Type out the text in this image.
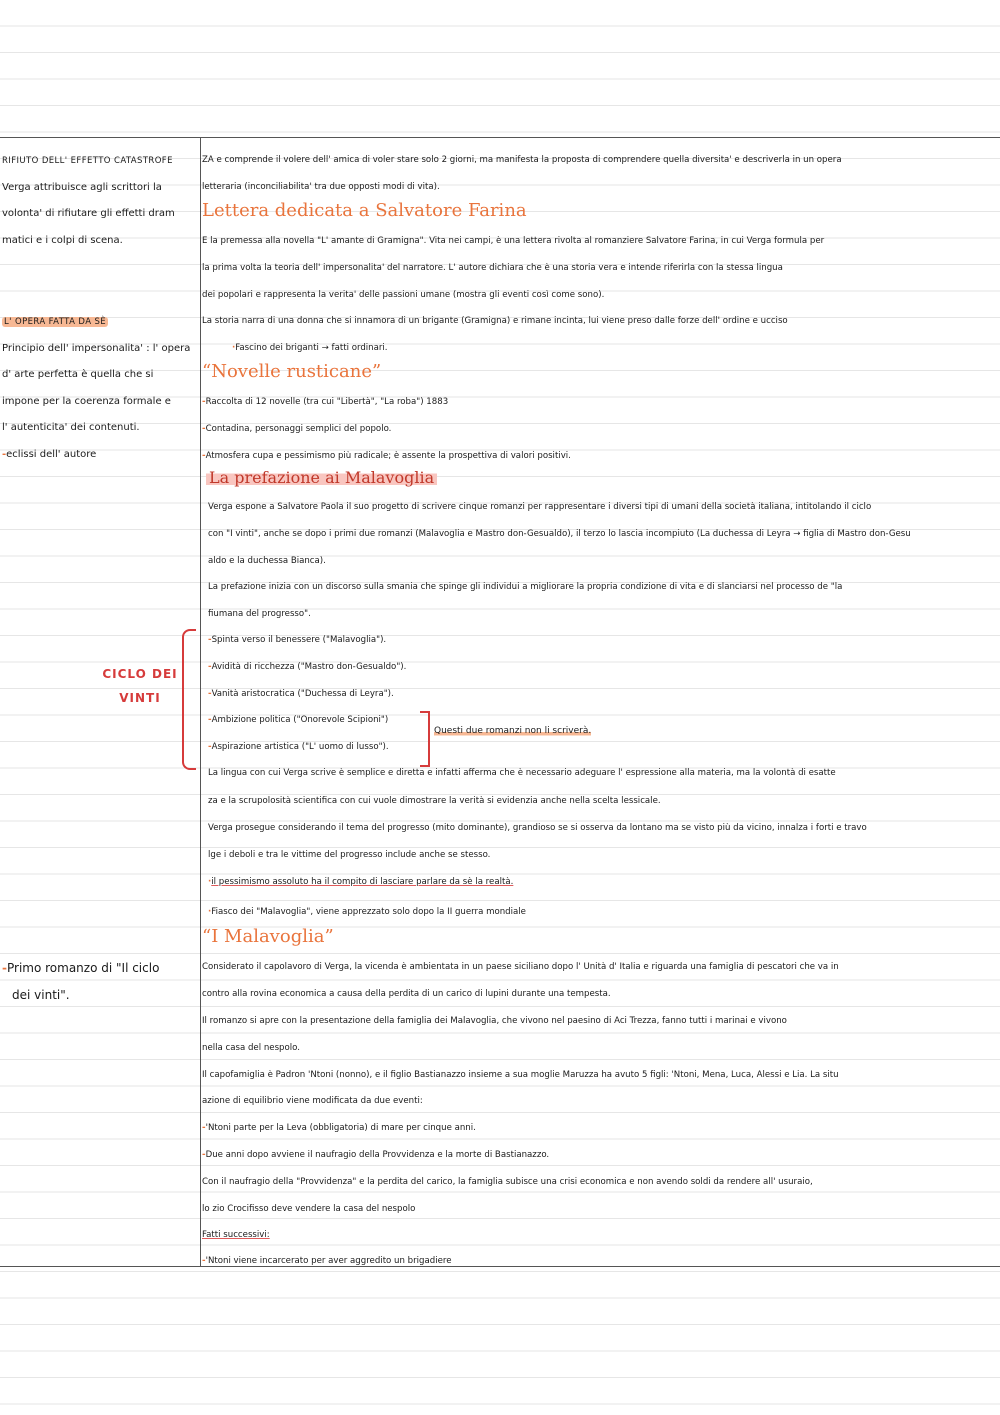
RIFIUTO DELL' EFFETTO CATASTROFE
Verga attribuisce agli scrittori la
volonta' di rifiutare gli effetti dram
matici e i colpi di scena.
L' OPERA FATTA DA SÈ
Principio dell' impersonalita' : l' opera
d' arte perfetta è quella che si
impone per la coerenza formale e
l' autenticita' dei contenuti.
-eclissi dell' autore
CICLO DEI
VINTI
-Primo romanzo di "Il ciclo
dei vinti".
ZA e comprende il volere dell' amica di voler stare solo 2 giorni, ma manifesta la proposta di comprendere quella diversita' e descriverla in un opera
letteraria (inconciliabilita' tra due opposti modi di vita).
Lettera dedicata a Salvatore Farina
È la premessa alla novella "L' amante di Gramigna". Vita nei campi, è una lettera rivolta al romanziere Salvatore Farina, in cui Verga formula per
la prima volta la teoria dell' impersonalita' del narratore. L' autore dichiara che è una storia vera e intende riferirla con la stessa lingua
dei popolari e rappresenta la verita' delle passioni umane (mostra gli eventi così come sono).
La storia narra di una donna che si innamora di un brigante (Gramigna) e rimane incinta, lui viene preso dalle forze dell' ordine e ucciso
·Fascino dei briganti → fatti ordinari.
“Novelle rusticane”
-Raccolta di 12 novelle (tra cui "Libertà", "La roba") 1883
-Contadina, personaggi semplici del popolo.
-Atmosfera cupa e pessimismo più radicale; è assente la prospettiva di valori positivi.
La prefazione ai Malavoglia
Verga espone a Salvatore Paola il suo progetto di scrivere cinque romanzi per rappresentare i diversi tipi di umani della società italiana, intitolando il ciclo
con "I vinti", anche se dopo i primi due romanzi (Malavoglia e Mastro don-Gesualdo), il terzo lo lascia incompiuto (La duchessa di Leyra → figlia di Mastro don-Gesu
aldo e la duchessa Bianca).
La prefazione inizia con un discorso sulla smania che spinge gli individui a migliorare la propria condizione di vita e di slanciarsi nel processo de "la
fiumana del progresso".
-Spinta verso il benessere ("Malavoglia").
-Avidità di ricchezza ("Mastro don-Gesualdo").
-Vanità aristocratica ("Duchessa di Leyra").
-Ambizione politica ("Onorevole Scipioni")
-Aspirazione artistica ("L' uomo di lusso").
La lingua con cui Verga scrive è semplice e diretta e infatti afferma che è necessario adeguare l' espressione alla materia, ma la volontà di esatte
za e la scrupolosità scientifica con cui vuole dimostrare la verità si evidenzia anche nella scelta lessicale.
Verga prosegue considerando il tema del progresso (mito dominante), grandioso se si osserva da lontano ma se visto più da vicino, innalza i forti e travo
lge i deboli e tra le vittime del progresso include anche se stesso.
·il pessimismo assoluto ha il compito di lasciare parlare da sè la realtà.
·Fiasco dei "Malavoglia", viene apprezzato solo dopo la II guerra mondiale
“I Malavoglia”
Considerato il capolavoro di Verga, la vicenda è ambientata in un paese siciliano dopo l' Unità d' Italia e riguarda una famiglia di pescatori che va in
contro alla rovina economica a causa della perdita di un carico di lupini durante una tempesta.
Il romanzo si apre con la presentazione della famiglia dei Malavoglia, che vivono nel paesino di Aci Trezza, fanno tutti i marinai e vivono
nella casa del nespolo.
Il capofamiglia è Padron 'Ntoni (nonno), e il figlio Bastianazzo insieme a sua moglie Maruzza ha avuto 5 figli: 'Ntoni, Mena, Luca, Alessi e Lia. La situ
azione di equilibrio viene modificata da due eventi:
-'Ntoni parte per la Leva (obbligatoria) di mare per cinque anni.
-Due anni dopo avviene il naufragio della Provvidenza e la morte di Bastianazzo.
Con il naufragio della "Provvidenza" e la perdita del carico, la famiglia subisce una crisi economica e non avendo soldi da rendere all' usuraio,
lo zio Crocifisso deve vendere la casa del nespolo
Fatti successivi:
-'Ntoni viene incarcerato per aver aggredito un brigadiere
Questi due romanzi non li scriverà.
